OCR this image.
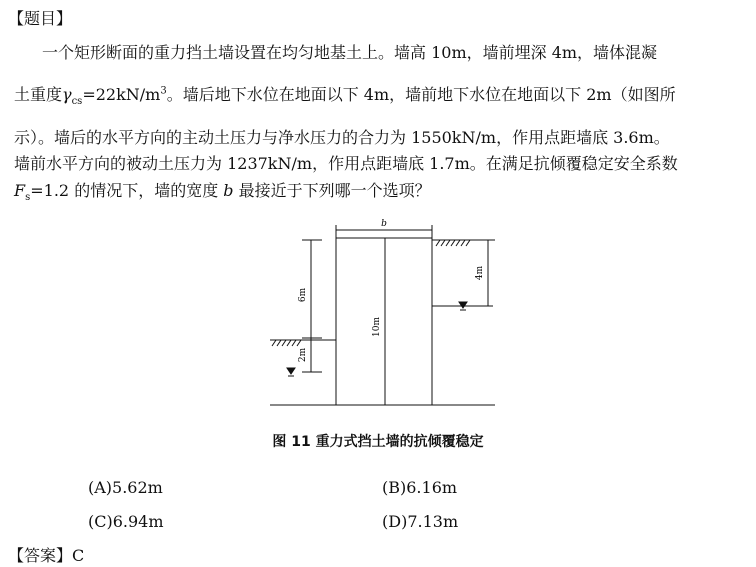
【题目】
一个矩形断面的重力挡土墙设置在均匀地基土上。墙高 10m，墙前埋深 4m，墙体混凝
土重度$\gamma_{cs}=22kN/m^3$。墙后地下水位在地面以下 4m，墙前地下水位在地面以下 2m（如图所
示）。墙后的水平方向的主动土压力与净水压力的合力为 1550kN/m，作用点距墙底 3.6m。
墙前水平方向的被动土压力为 1237kN/m，作用点距墙底 1.7m。在满足抗倾覆稳定安全系数
$F_s=1.2$ 的情况下，墙的宽度 b 最接近于下列哪一个选项？
b
6m
2m
10m
4m
图 11 重力式挡土墙的抗倾覆稳定
(A)5.62m	(B)6.16m
(C)6.94m	(D)7.13m
【答案】C
